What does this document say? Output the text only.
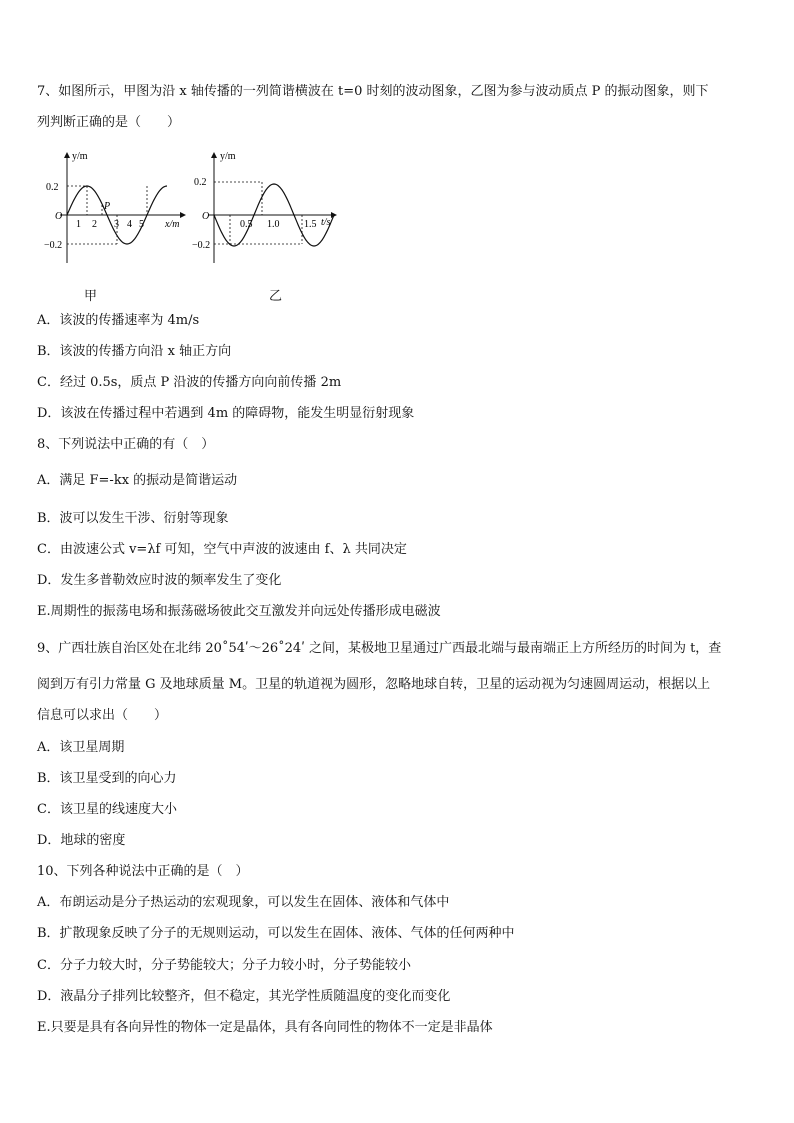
7、如图所示，甲图为沿 x 轴传播的一列简谐横波在 t=0 时刻的波动图象，乙图为参与波动质点 P 的振动图象，则下
列判断正确的是（　　）
y/m
x/m
O
0.2
−0.2
P
1 2 3 4 5
y/m
t/s
O
0.2
−0.2
0.5 1.0 1.5
甲	乙
A．该波的传播速率为 4m/s
B．该波的传播方向沿 x 轴正方向
C．经过 0.5s，质点 P 沿波的传播方向向前传播 2m
D．该波在传播过程中若遇到 4m 的障碍物，能发生明显衍射现象
8、下列说法中正确的有（　）
A．满足 F=-kx 的振动是简谐运动
B．波可以发生干涉、衍射等现象
C．由波速公式 v=λf 可知，空气中声波的波速由 f、λ 共同决定
D．发生多普勒效应时波的频率发生了变化
E.周期性的振荡电场和振荡磁场彼此交互激发并向远处传播形成电磁波
9、广西壮族自治区处在北纬 20˚54ʹ～26˚24ʹ 之间，某极地卫星通过广西最北端与最南端正上方所经历的时间为 t，查
阅到万有引力常量 G 及地球质量 M。卫星的轨道视为圆形，忽略地球自转，卫星的运动视为匀速圆周运动，根据以上
信息可以求出（　　）
A．该卫星周期
B．该卫星受到的向心力
C．该卫星的线速度大小
D．地球的密度
10、下列各种说法中正确的是（　）
A．布朗运动是分子热运动的宏观现象，可以发生在固体、液体和气体中
B．扩散现象反映了分子的无规则运动，可以发生在固体、液体、气体的任何两种中
C．分子力较大时，分子势能较大；分子力较小时，分子势能较小
D．液晶分子排列比较整齐，但不稳定，其光学性质随温度的变化而变化
E.只要是具有各向异性的物体一定是晶体，具有各向同性的物体不一定是非晶体
